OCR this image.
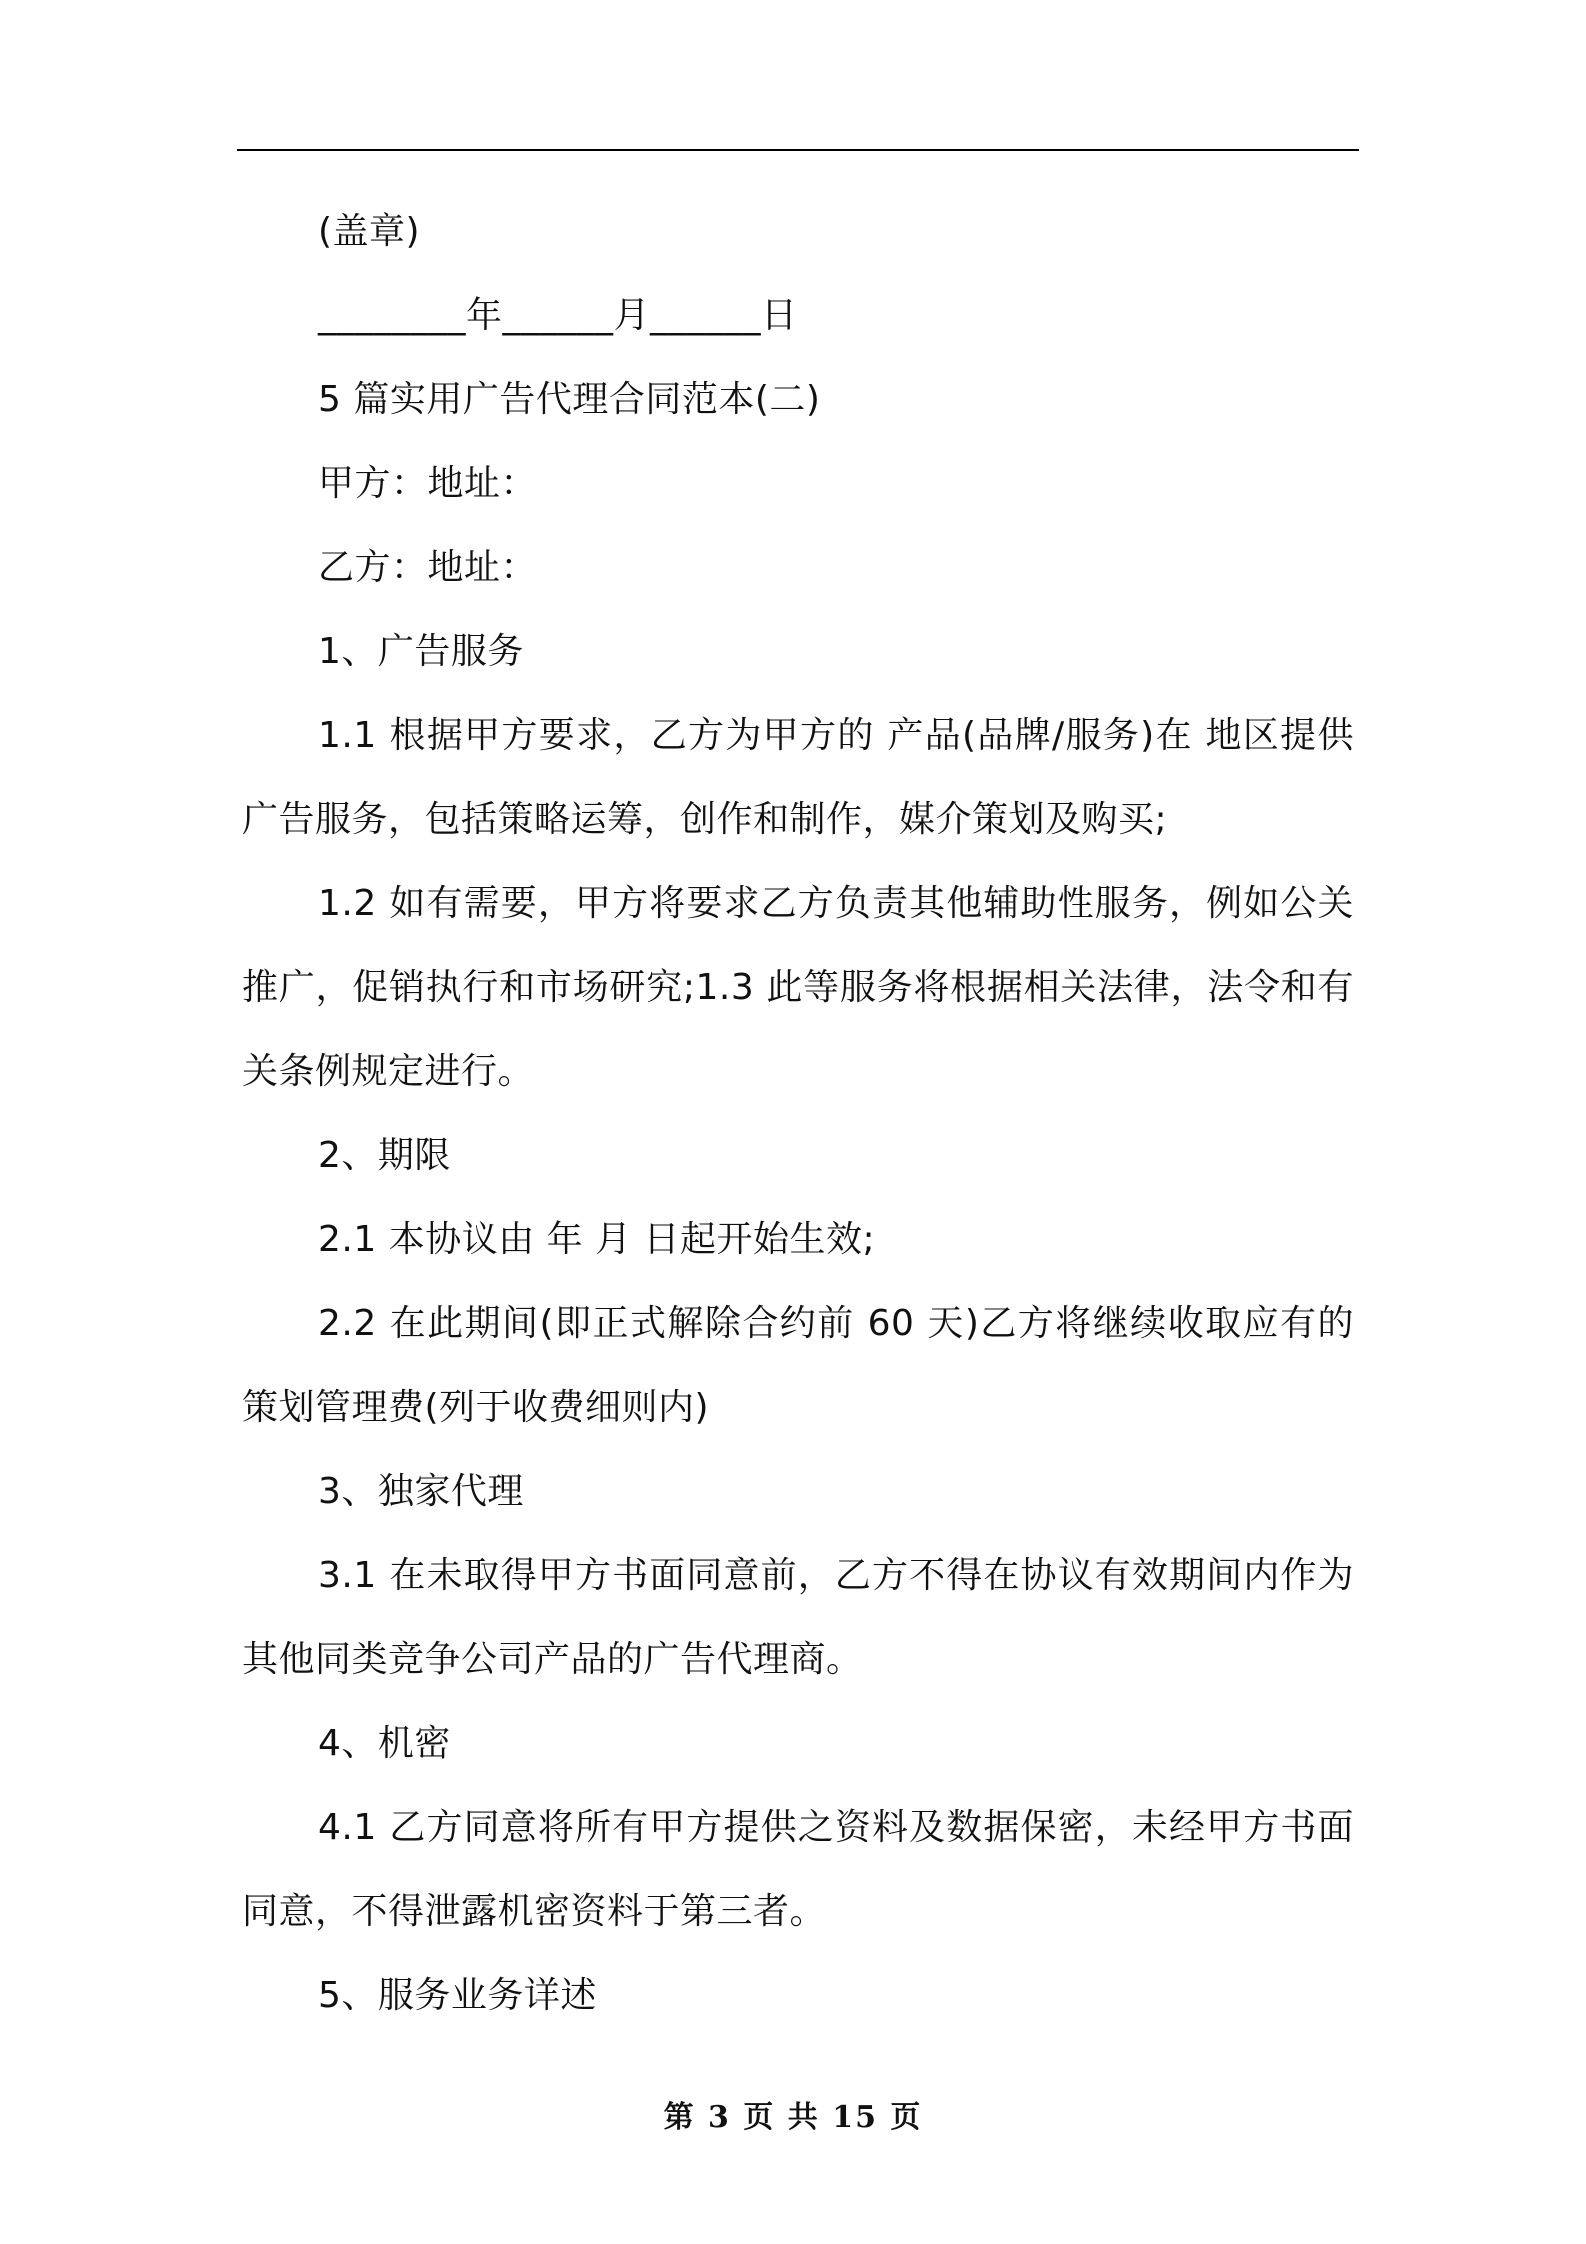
(盖章)
________年______月______日
5 篇实用广告代理合同范本(二)
甲方：地址：
乙方：地址：
1、广告服务

1.1 根据甲方要求，乙方为甲方的 产品(品牌/服务)在 地区提供广告服务，包括策略运筹，创作和制作，媒介策划及购买;

1.2 如有需要，甲方将要求乙方负责其他辅助性服务，例如公关推广，促销执行和市场研究;1.3 此等服务将根据相关法律，法令和有关条例规定进行。

2、期限

2.1 本协议由 年 月 日起开始生效;

2.2 在此期间(即正式解除合约前 60 天)乙方将继续收取应有的策划管理费(列于收费细则内)

3、独家代理

3.1 在未取得甲方书面同意前，乙方不得在协议有效期间内作为其他同类竞争公司产品的广告代理商。

4、机密

4.1 乙方同意将所有甲方提供之资料及数据保密，未经甲方书面同意，不得泄露机密资料于第三者。

5、服务业务详述
第 3 页 共 15 页
